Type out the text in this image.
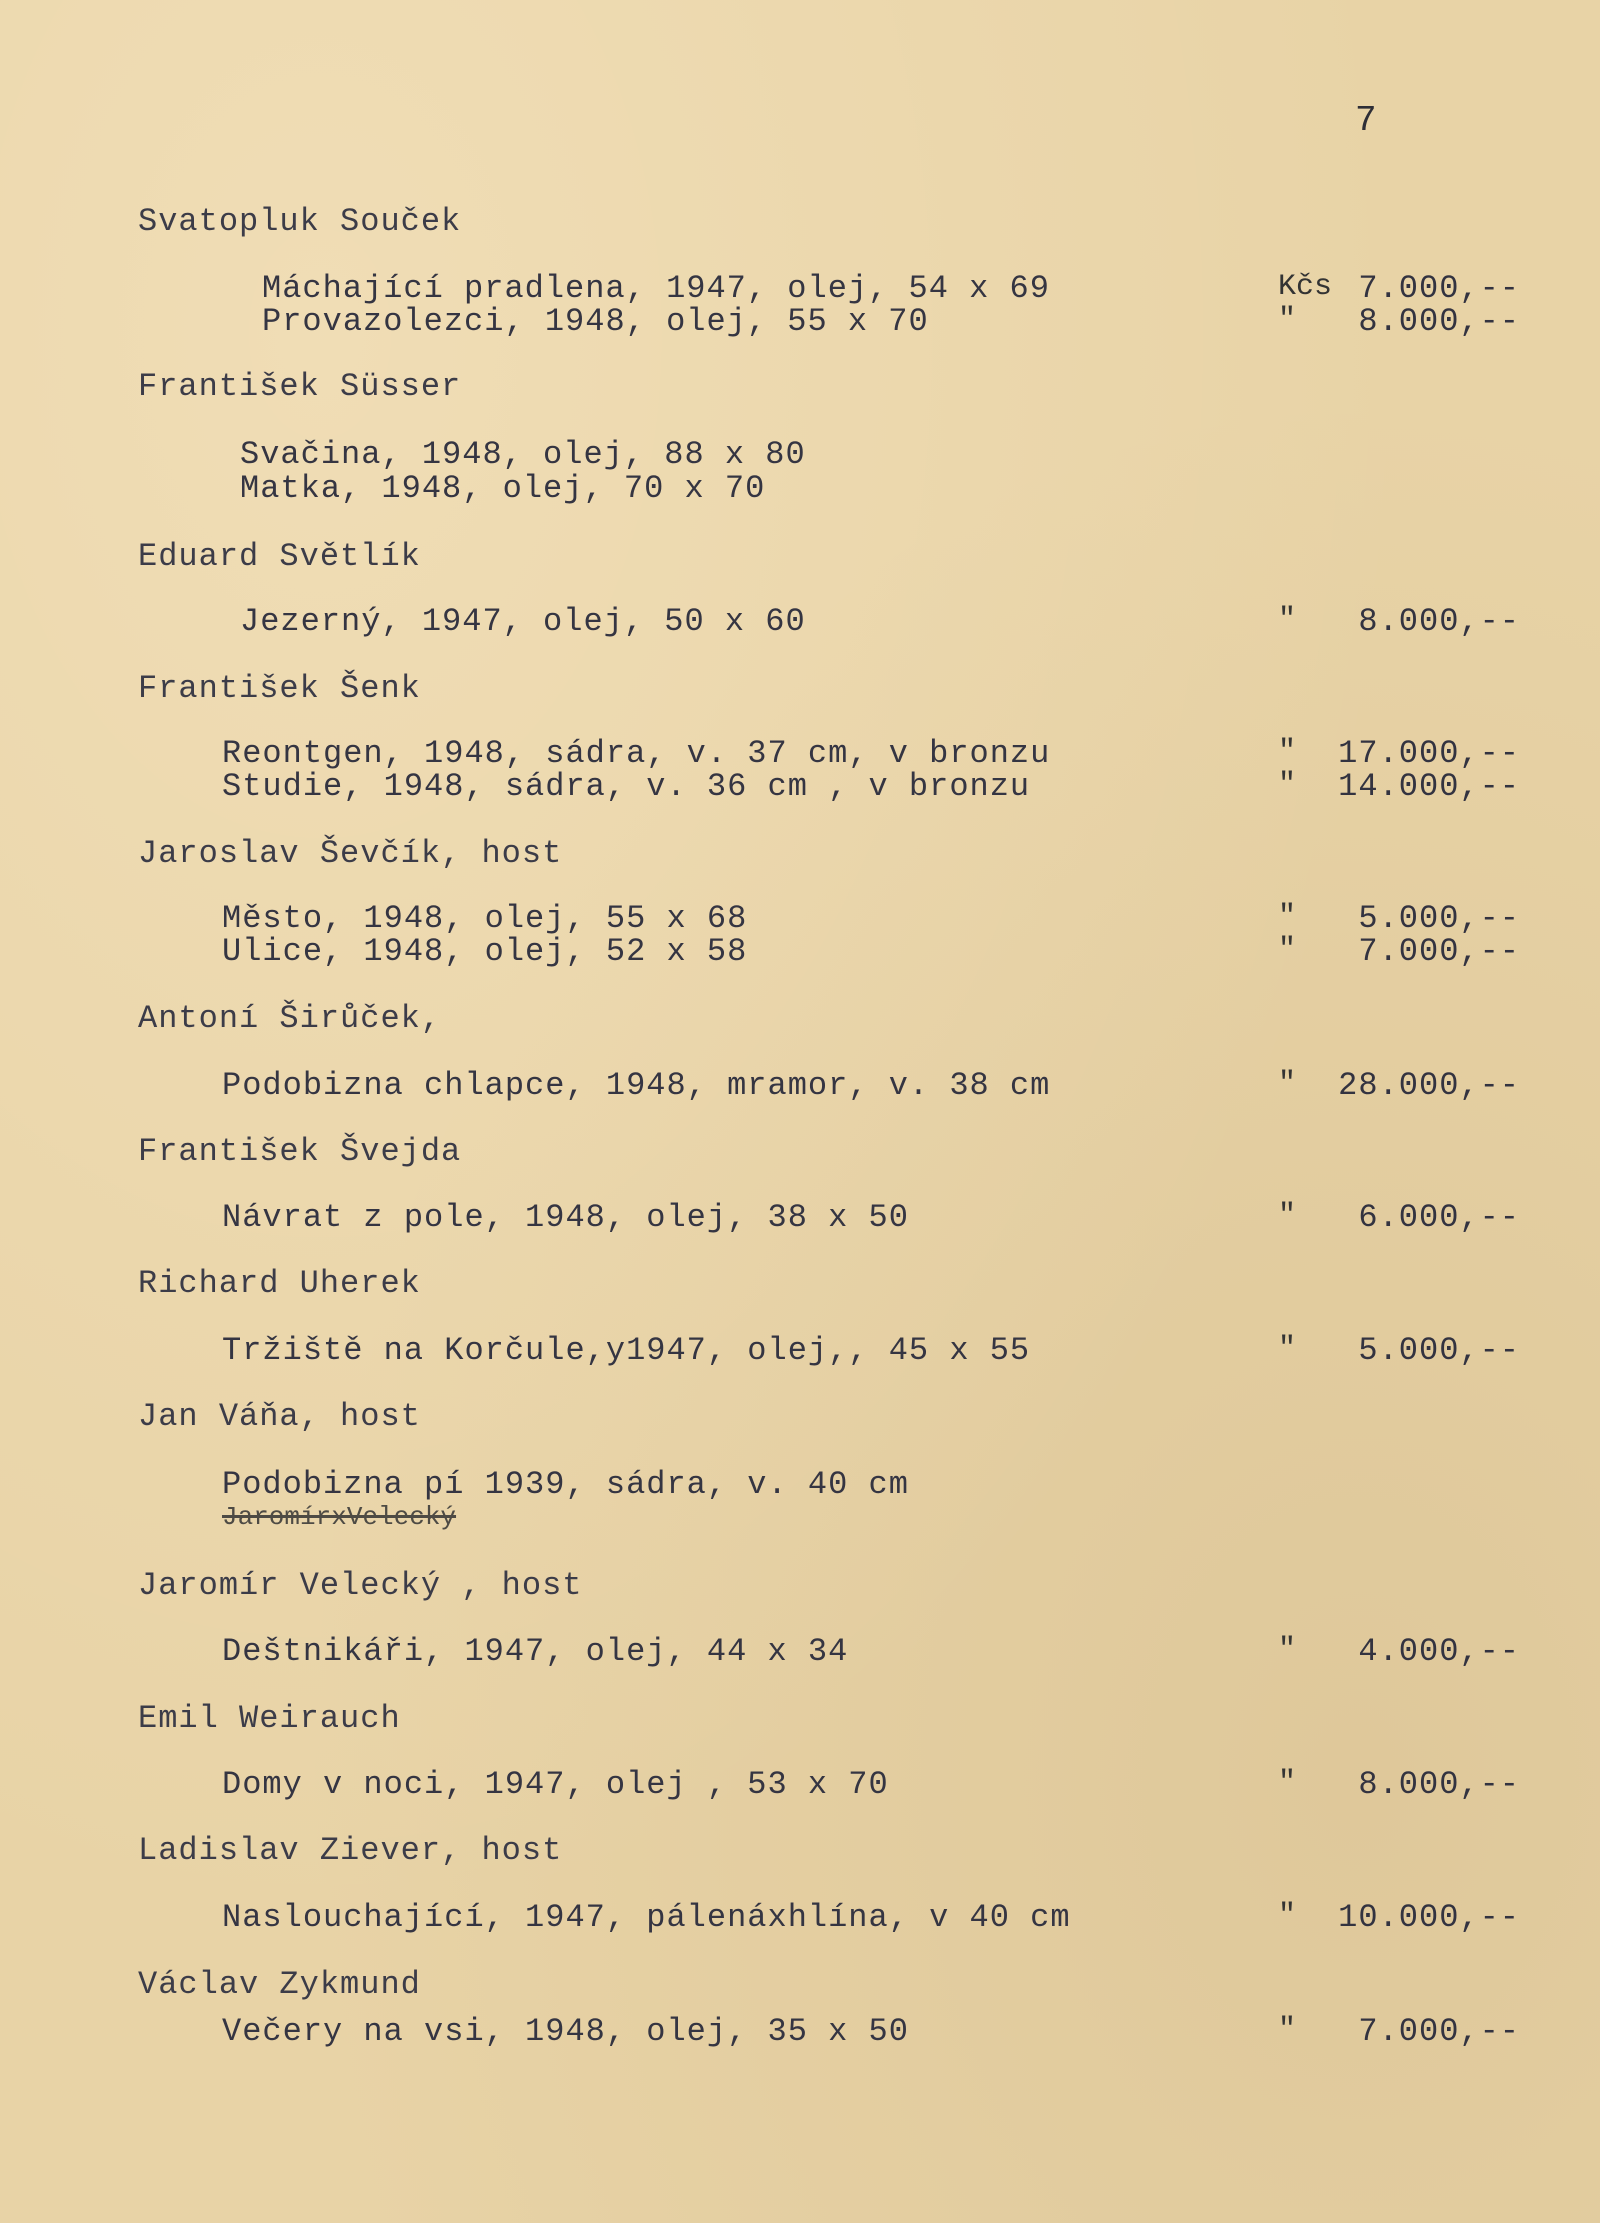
7
Svatopluk Souček
Máchající pradlena, 1947, olej, 54 x 69	Kčs 7.000,--
Provazolezci, 1948, olej, 55 x 70	" 8.000,--
František Süsser
Svačina, 1948, olej, 88 x 80
Matka, 1948, olej, 70 x 70
Eduard Světlík
Jezerný, 1947, olej, 50 x 60	" 8.000,--
František Šenk
Reontgen, 1948, sádra, v. 37 cm, v bronzu	" 17.000,--
Studie, 1948, sádra, v. 36 cm , v bronzu	" 14.000,--
Jaroslav Ševčík, host
Město, 1948, olej, 55 x 68	" 5.000,--
Ulice, 1948, olej, 52 x 58	" 7.000,--
Antoní Širůček,
Podobizna chlapce, 1948, mramor, v. 38 cm	" 28.000,--
František Švejda
Návrat z pole, 1948, olej, 38 x 50	" 6.000,--
Richard Uherek
Tržiště na Korčule,y1947, olej,, 45 x 55	" 5.000,--
Jan Váňa, host
Podobizna pí 1939, sádra, v. 40 cm
JaromírxVelecký
Jaromír Velecký , host
Deštnikáři, 1947, olej, 44 x 34	" 4.000,--
Emil Weirauch
Domy v noci, 1947, olej , 53 x 70	" 8.000,--
Ladislav Ziever, host
Naslouchající, 1947, pálenáxhlína, v 40 cm	" 10.000,--
Václav Zykmund
Večery na vsi, 1948, olej, 35 x 50	" 7.000,--
